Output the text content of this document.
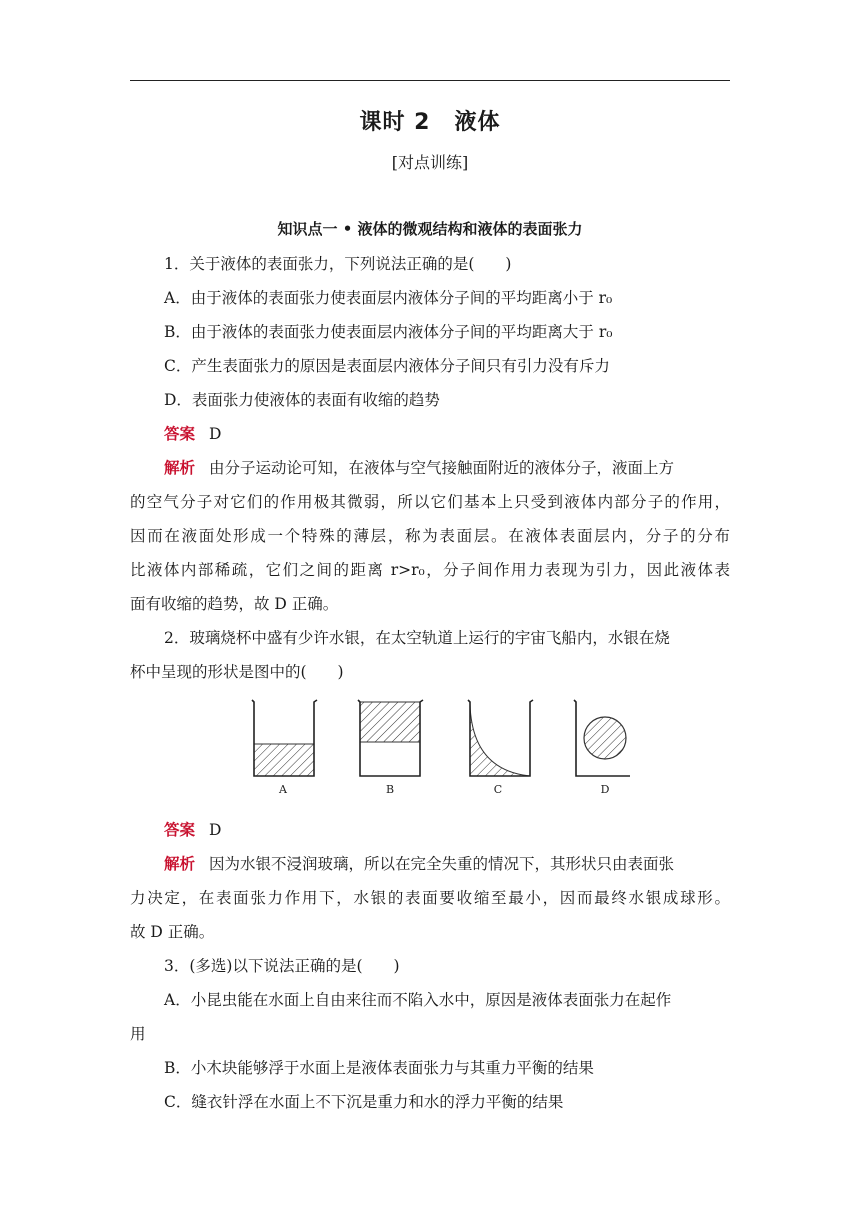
课时 2 液体
[对点训练]
知识点一 • 液体的微观结构和液体的表面张力
1．关于液体的表面张力，下列说法正确的是(　　)
A．由于液体的表面张力使表面层内液体分子间的平均距离小于 r₀
B．由于液体的表面张力使表面层内液体分子间的平均距离大于 r₀
C．产生表面张力的原因是表面层内液体分子间只有引力没有斥力
D．表面张力使液体的表面有收缩的趋势
答案 D
解析 由分子运动论可知，在液体与空气接触面附近的液体分子，液面上方
的空气分子对它们的作用极其微弱，所以它们基本上只受到液体内部分子的作用，
因而在液面处形成一个特殊的薄层，称为表面层。在液体表面层内，分子的分布
比液体内部稀疏，它们之间的距离 r>r₀，分子间作用力表现为引力，因此液体表
面有收缩的趋势，故 D 正确。
2．玻璃烧杯中盛有少许水银，在太空轨道上运行的宇宙飞船内，水银在烧
杯中呈现的形状是图中的(　　)
A	B	C	D
答案 D
解析 因为水银不浸润玻璃，所以在完全失重的情况下，其形状只由表面张
力决定，在表面张力作用下，水银的表面要收缩至最小，因而最终水银成球形。
故 D 正确。
3．(多选)以下说法正确的是(　　)
A．小昆虫能在水面上自由来往而不陷入水中，原因是液体表面张力在起作
用
B．小木块能够浮于水面上是液体表面张力与其重力平衡的结果
C．缝衣针浮在水面上不下沉是重力和水的浮力平衡的结果
